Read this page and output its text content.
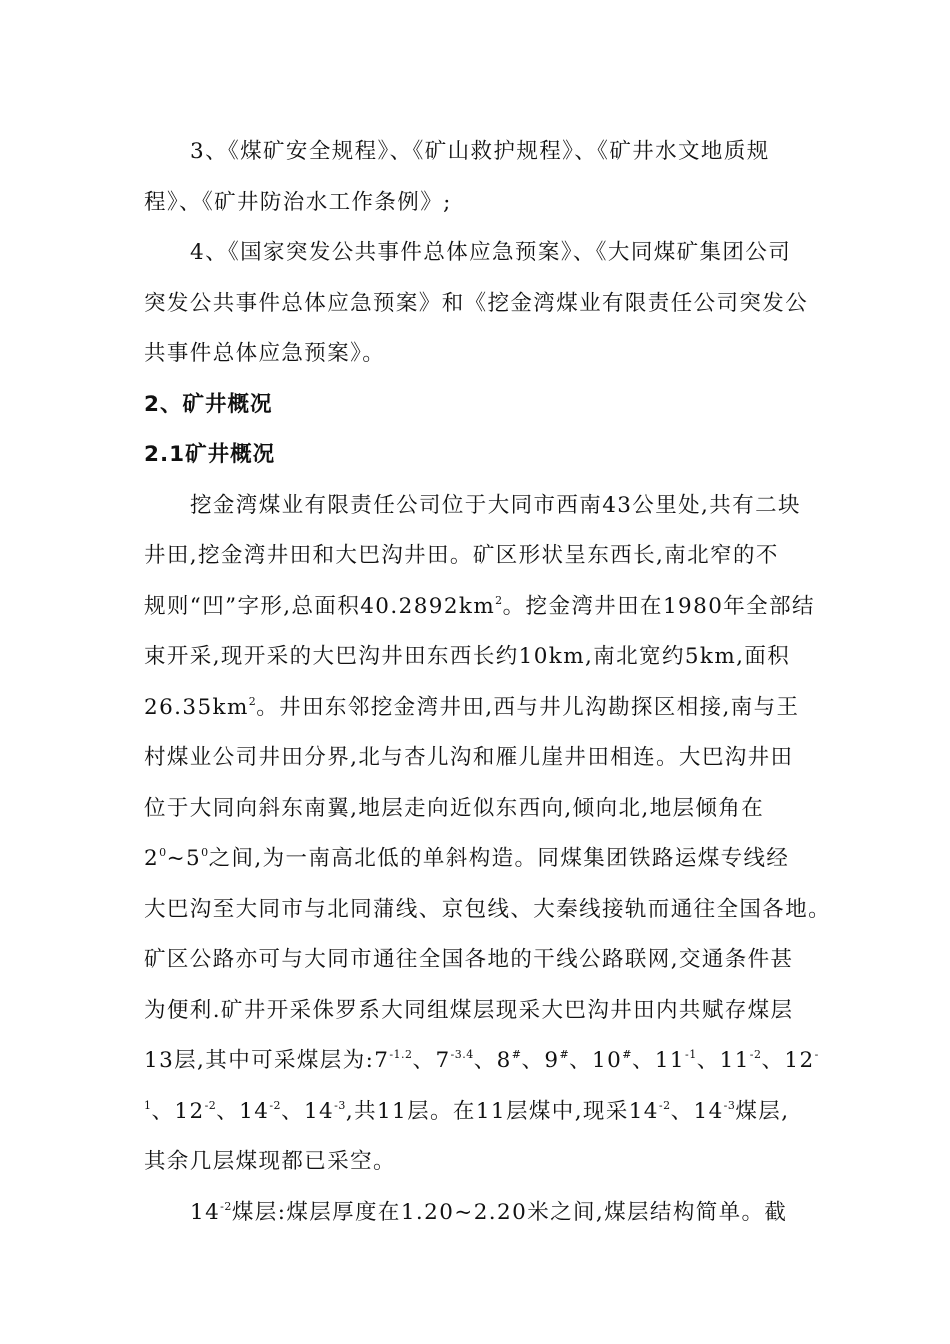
3、《煤矿安全规程》、《矿山救护规程》、《矿井水文地质规
程》、《矿井防治水工作条例》;
4、《国家突发公共事件总体应急预案》、《大同煤矿集团公司
突发公共事件总体应急预案》和《挖金湾煤业有限责任公司突发公
共事件总体应急预案》。
2、矿井概况
2.1矿井概况
挖金湾煤业有限责任公司位于大同市西南43公里处,共有二块
井田,挖金湾井田和大巴沟井田。矿区形状呈东西长,南北窄的不
规则“凹”字形,总面积$40.2892km^2$。挖金湾井田在1980年全部结
束开采,现开采的大巴沟井田东西长约10km,南北宽约5km,面积
$26.35km^2$。井田东邻挖金湾井田,西与井儿沟勘探区相接,南与王
村煤业公司井田分界,北与杏儿沟和雁儿崖井田相连。大巴沟井田
位于大同向斜东南翼,地层走向近似东西向,倾向北,地层倾角在
$2^0\sim 5^0$之间,为一南高北低的单斜构造。同煤集团铁路运煤专线经
大巴沟至大同市与北同蒲线、京包线、大秦线接轨而通往全国各地。
矿区公路亦可与大同市通往全国各地的干线公路联网,交通条件甚
为便利.矿井开采侏罗系大同组煤层现采大巴沟井田内共赋存煤层
13层,其中可采煤层为$:7^{-1.2}$、$7^{-3.4}$、8#、9#、10#、$11^{-1}$、$11^{-2}$、12-
$^1$、$12^{-2}$、$14^{-2}$、$14^{-3}$,共11层。在11层煤中,现采$14^{-2}$、$14^{-3}$煤层,
其余几层煤现都已采空。
$14^{-2}$煤层:煤层厚度在1.20~2.20米之间,煤层结构简单。截
